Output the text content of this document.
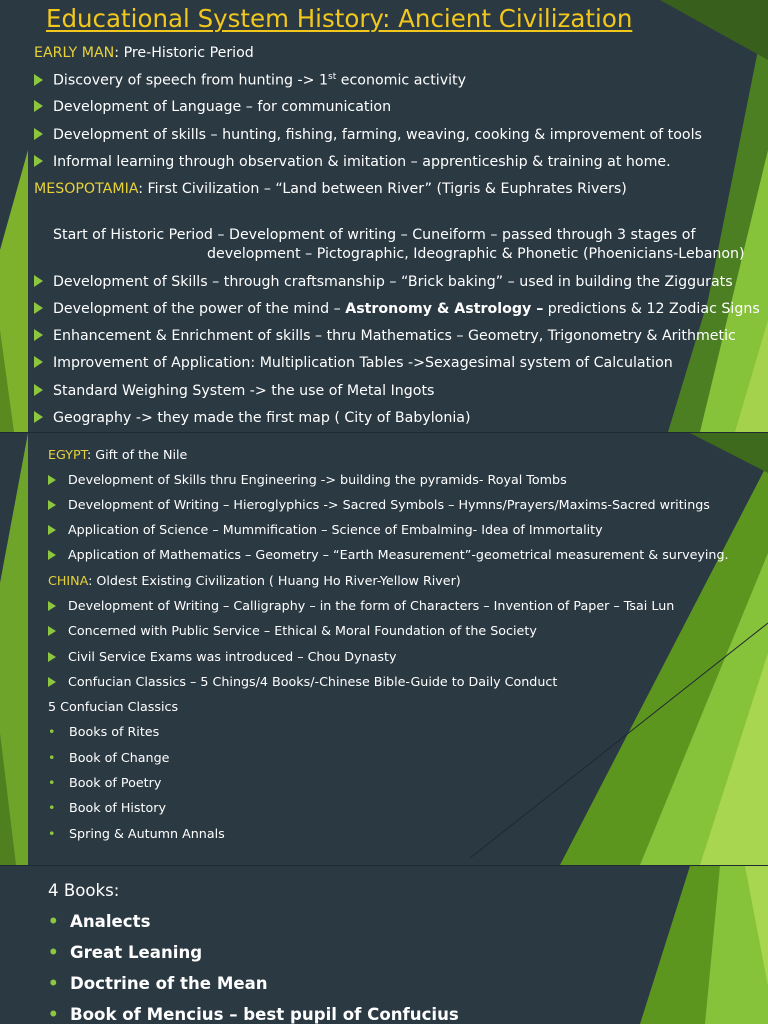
Educational System History: Ancient Civilization
EARLY MAN: Pre-Historic Period
Discovery of speech from hunting -> 1st economic activity
Development of Language – for communication
Development of skills – hunting, fishing, farming, weaving, cooking & improvement of tools
Informal learning through observation & imitation – apprenticeship & training at home.
MESOPOTAMIA: First Civilization – “Land between River” (Tigris & Euphrates Rivers)
Start of Historic Period – Development of writing – Cuneiform – passed through 3 stages of
development – Pictographic, Ideographic & Phonetic (Phoenicians-Lebanon)
Development of Skills – through craftsmanship – “Brick baking” – used in building the Ziggurats
Development of the power of the mind – Astronomy & Astrology – predictions & 12 Zodiac Signs
Enhancement & Enrichment of skills – thru Mathematics – Geometry, Trigonometry & Arithmetic
Improvement of Application: Multiplication Tables ->Sexagesimal system of Calculation
Standard Weighing System -> the use of Metal Ingots
Geography -> they made the first map ( City of Babylonia)
EGYPT: Gift of the Nile
Development of Skills thru Engineering -> building the pyramids- Royal Tombs
Development of Writing – Hieroglyphics -> Sacred Symbols – Hymns/Prayers/Maxims-Sacred writings
Application of Science – Mummification – Science of Embalming- Idea of Immortality
Application of Mathematics – Geometry – “Earth Measurement”-geometrical measurement & surveying.
CHINA: Oldest Existing Civilization ( Huang Ho River-Yellow River)
Development of Writing – Calligraphy – in the form of Characters – Invention of Paper – Tsai Lun
Concerned with Public Service – Ethical & Moral Foundation of the Society
Civil Service Exams was introduced – Chou Dynasty
Confucian Classics – 5 Chings/4 Books/-Chinese Bible-Guide to Daily Conduct
5 Confucian Classics
• Books of Rites
• Book of Change
• Book of Poetry
• Book of History
• Spring & Autumn Annals
4 Books:
• Analects
• Great Leaning
• Doctrine of the Mean
• Book of Mencius – best pupil of Confucius
